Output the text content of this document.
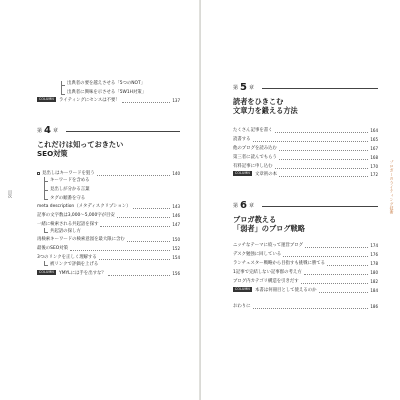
出典者の要を越えさせる「5つのNOT」
出典者に興味を示させる「5W1H対策」
COLUMN ライティングにセンスは不要！	137
第 4 章
これだけは知っておきたい
SEO対策
見出しはキーワードを狙う	140
キーワードを含める
見出しが分かる言葉
タグの順番を守る
meta description（メタディスクリプション）	143
記事の文字数は3,000〜5,000字が目安	146
一緒に検索される共起語を探す	147
共起語の探し方
再検索キーワードの検索意図を最大限に含む	150
最後のSEO対策	152
3つのリンクを正しく理解する	154
被リンクで評価を上げる
COLUMN YMYLには手を出すな？	156
目次
第 5 章
読者をひきこむ
文章力を鍛える方法
たくさん記事を書く	164
読書する	165
他のブログを読み込む	167
第三者に読んでもらう	168
有料記事に申し込む	170
COLUMN 文章術の本	172
第 6 章
ブロガ教える
「弱者」のブログ戦略
ニッチなテーマに絞って運営ブログ	174
デスク勉強に回している	176
ランチェスター戦略から目指すも挑戦に勝てる	178
1記事で完結しない記事群の考え方	180
ブログ内カテゴリ構造を引きだす	182
COLUMN 本書は何冊目として使えるのか	184
おわりに	186
ブロガーのライティング技術
